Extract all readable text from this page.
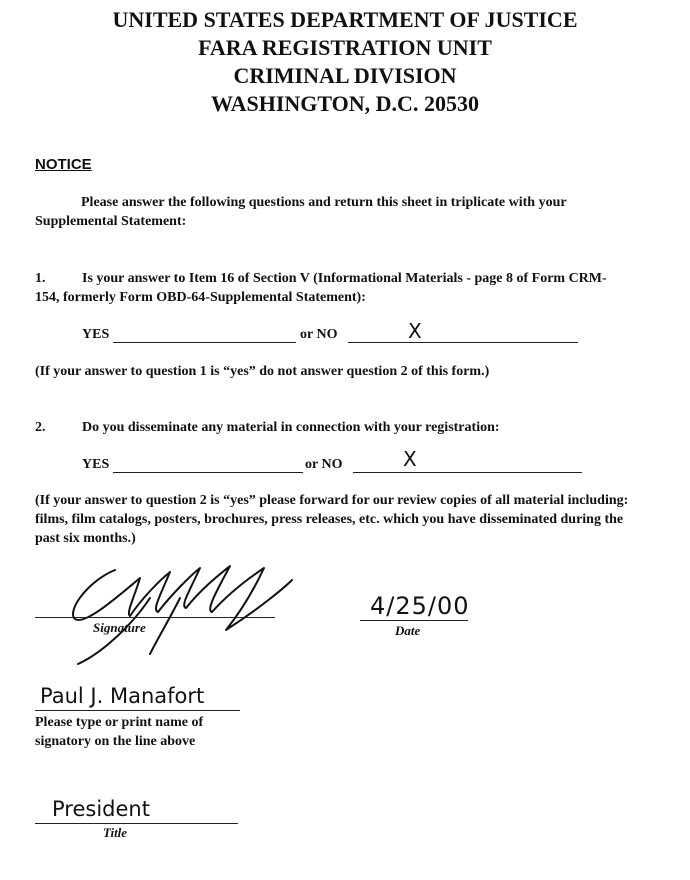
UNITED STATES DEPARTMENT OF JUSTICE
FARA REGISTRATION UNIT
CRIMINAL DIVISION
WASHINGTON, D.C. 20530
NOTICE
Please answer the following questions and return this sheet in triplicate with your Supplemental Statement:
1.	Is your answer to Item 16 of Section V (Informational Materials - page 8 of Form CRM-154, formerly Form OBD-64-Supplemental Statement):
YES	or NO	X
(If your answer to question 1 is “yes” do not answer question 2 of this form.)
2.	Do you disseminate any material in connection with your registration:
YES	or NO	X
(If your answer to question 2 is “yes” please forward for our review copies of all material including: films, film catalogs, posters, brochures, press releases, etc. which you have disseminated during the past six months.)
Signature
4/25/00
Date
Paul J. Manafort
Please type or print name of
signatory on the line above
President
Title
